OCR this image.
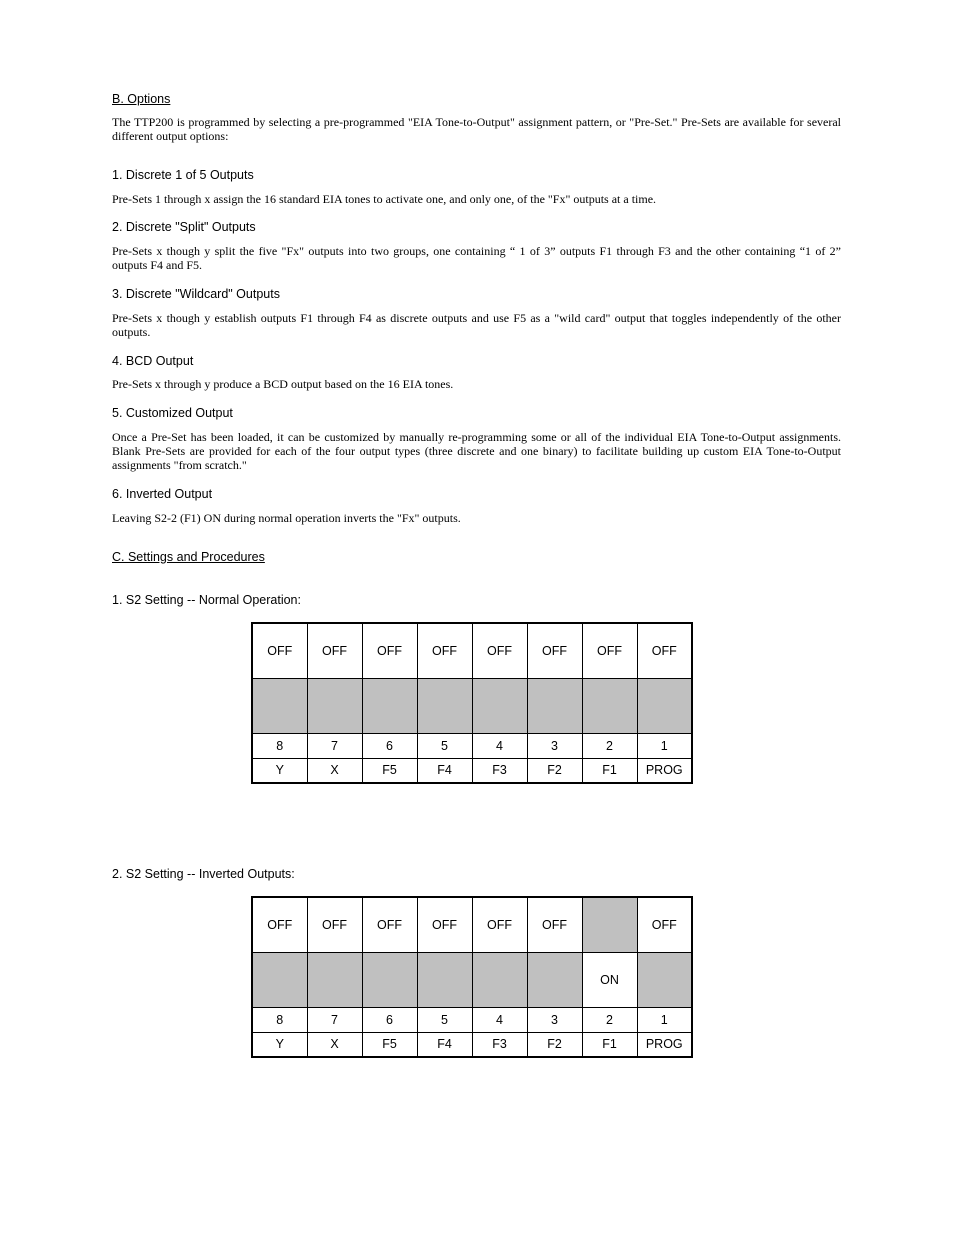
B. Options

The TTP200 is programmed by selecting a pre-programmed "EIA Tone-to-Output" assignment pattern, or "Pre-Set." Pre-Sets are available for several different output options:

1. Discrete 1 of 5 Outputs

Pre-Sets 1 through x assign the 16 standard EIA tones to activate one, and only one, of the "Fx" outputs at a time.

2. Discrete "Split" Outputs

Pre-Sets x though y split the five "Fx" outputs into two groups, one containing “ 1 of 3” outputs F1 through F3 and the other containing “1 of 2” outputs F4 and F5.

3. Discrete "Wildcard" Outputs

Pre-Sets x though y establish outputs F1 through F4 as discrete outputs and use F5 as a "wild card" output that toggles independently of the other outputs.

4. BCD Output

Pre-Sets x through y produce a BCD output based on the 16 EIA tones.

5. Customized Output

Once a Pre-Set has been loaded, it can be customized by manually re-programming some or all of the individual EIA Tone-to-Output assignments. Blank Pre-Sets are provided for each of the four output types (three discrete and one binary) to facilitate building up custom EIA Tone-to-Output assignments "from scratch."

6. Inverted Output

Leaving S2-2 (F1) ON during normal operation inverts the "Fx" outputs.

C. Settings and Procedures

1. S2 Setting -- Normal Operation:

2. S2 Setting -- Inverted Outputs:

OFF	OFF	OFF	OFF	OFF	OFF	OFF	OFF

8	7	6	5	4	3	2	1
Y	X	F5	F4	F3	F2	F1	PROG
OFF	OFF	OFF	OFF	OFF	OFF		OFF
						ON	
8	7	6	5	4	3	2	1
Y	X	F5	F4	F3	F2	F1	PROG
